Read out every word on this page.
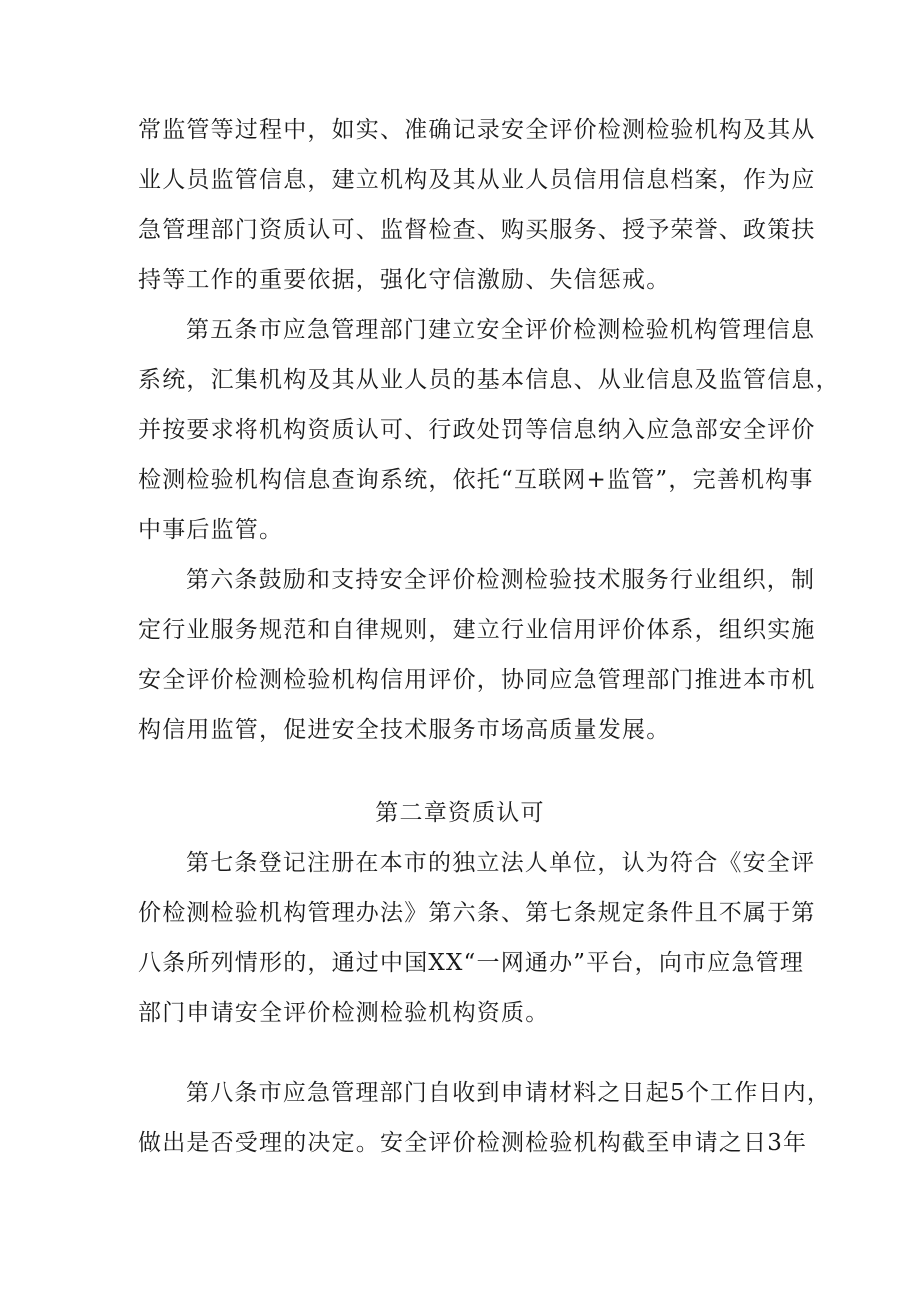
常监管等过程中，如实、准确记录安全评价检测检验机构及其从
业人员监管信息，建立机构及其从业人员信用信息档案，作为应
急管理部门资质认可、监督检查、购买服务、授予荣誉、政策扶
持等工作的重要依据，强化守信激励、失信惩戒。
第五条市应急管理部门建立安全评价检测检验机构管理信息
系统，汇集机构及其从业人员的基本信息、从业信息及监管信息，
并按要求将机构资质认可、行政处罚等信息纳入应急部安全评价
检测检验机构信息查询系统，依托“互联网+监管”，完善机构事
中事后监管。
第六条鼓励和支持安全评价检测检验技术服务行业组织，制
定行业服务规范和自律规则，建立行业信用评价体系，组织实施
安全评价检测检验机构信用评价，协同应急管理部门推进本市机
构信用监管，促进安全技术服务市场高质量发展。
第二章资质认可
第七条登记注册在本市的独立法人单位，认为符合《安全评
价检测检验机构管理办法》第六条、第七条规定条件且不属于第
八条所列情形的，通过中国XX“一网通办”平台，向市应急管理
部门申请安全评价检测检验机构资质。
第八条市应急管理部门自收到申请材料之日起5个工作日内，
做出是否受理的决定。安全评价检测检验机构截至申请之日3年
